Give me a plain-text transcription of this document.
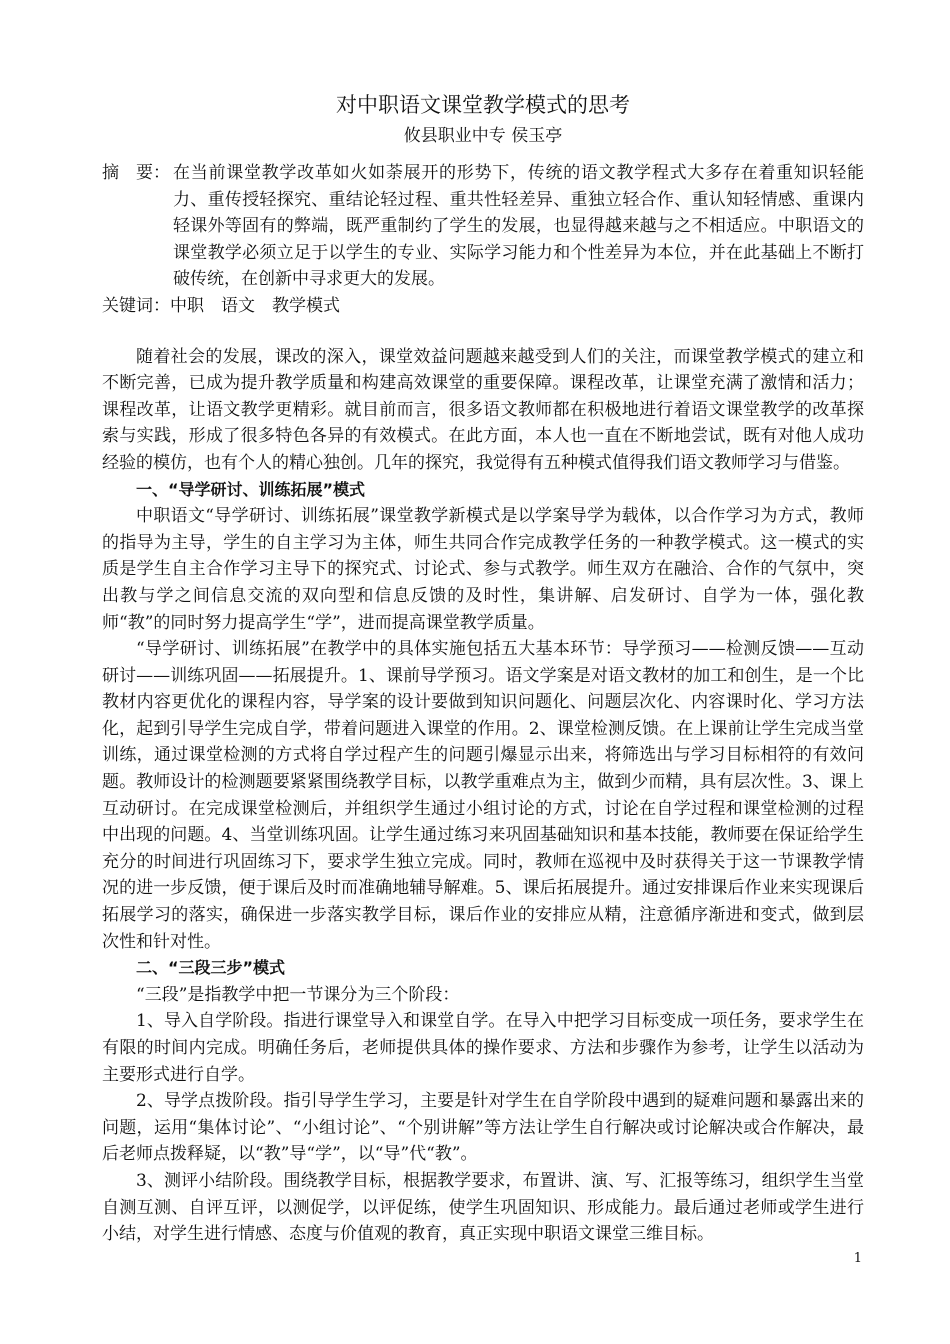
对中职语文课堂教学模式的思考
攸县职业中专 侯玉亭
摘　要： 在当前课堂教学改革如火如荼展开的形势下，传统的语文教学程式大多存在着重知识轻能力、重传授轻探究、重结论轻过程、重共性轻差异、重独立轻合作、重认知轻情感、重课内轻课外等固有的弊端，既严重制约了学生的发展，也显得越来越与之不相适应。中职语文的课堂教学必须立足于以学生的专业、实际学习能力和个性差异为本位，并在此基础上不断打破传统，在创新中寻求更大的发展。
关键词：中职　语文　教学模式

随着社会的发展，课改的深入，课堂效益问题越来越受到人们的关注，而课堂教学模式的建立和不断完善，已成为提升教学质量和构建高效课堂的重要保障。课程改革，让课堂充满了激情和活力；课程改革，让语文教学更精彩。就目前而言，很多语文教师都在积极地进行着语文课堂教学的改革探索与实践，形成了很多特色各异的有效模式。在此方面，本人也一直在不断地尝试，既有对他人成功经验的模仿，也有个人的精心独创。几年的探究，我觉得有五种模式值得我们语文教师学习与借鉴。

一、“导学研讨、训练拓展”模式

中职语文“导学研讨、训练拓展”课堂教学新模式是以学案导学为载体，以合作学习为方式，教师的指导为主导，学生的自主学习为主体，师生共同合作完成教学任务的一种教学模式。这一模式的实质是学生自主合作学习主导下的探究式、讨论式、参与式教学。师生双方在融洽、合作的气氛中，突出教与学之间信息交流的双向型和信息反馈的及时性，集讲解、启发研讨、自学为一体，强化教师“教”的同时努力提高学生“学”，进而提高课堂教学质量。

“导学研讨、训练拓展”在教学中的具体实施包括五大基本环节：导学预习——检测反馈——互动研讨——训练巩固——拓展提升。1、课前导学预习。语文学案是对语文教材的加工和创生，是一个比教材内容更优化的课程内容，导学案的设计要做到知识问题化、问题层次化、内容课时化、学习方法化，起到引导学生完成自学，带着问题进入课堂的作用。2、课堂检测反馈。在上课前让学生完成当堂训练，通过课堂检测的方式将自学过程产生的问题引爆显示出来，将筛选出与学习目标相符的有效问题。教师设计的检测题要紧紧围绕教学目标，以教学重难点为主，做到少而精，具有层次性。3、课上互动研讨。在完成课堂检测后，并组织学生通过小组讨论的方式，讨论在自学过程和课堂检测的过程中出现的问题。4、当堂训练巩固。让学生通过练习来巩固基础知识和基本技能，教师要在保证给学生充分的时间进行巩固练习下，要求学生独立完成。同时，教师在巡视中及时获得关于这一节课教学情况的进一步反馈，便于课后及时而准确地辅导解难。5、课后拓展提升。通过安排课后作业来实现课后拓展学习的落实，确保进一步落实教学目标，课后作业的安排应从精，注意循序渐进和变式，做到层次性和针对性。

二、“三段三步”模式

“三段”是指教学中把一节课分为三个阶段：

1、导入自学阶段。指进行课堂导入和课堂自学。在导入中把学习目标变成一项任务，要求学生在有限的时间内完成。明确任务后，老师提供具体的操作要求、方法和步骤作为参考，让学生以活动为主要形式进行自学。

2、导学点拨阶段。指引导学生学习，主要是针对学生在自学阶段中遇到的疑难问题和暴露出来的问题，运用“集体讨论”、“小组讨论”、“个别讲解”等方法让学生自行解决或讨论解决或合作解决，最后老师点拨释疑，以“教”导“学”，以“导”代“教”。

3、测评小结阶段。围绕教学目标，根据教学要求，布置讲、演、写、汇报等练习，组织学生当堂自测互测、自评互评，以测促学，以评促练，使学生巩固知识、形成能力。最后通过老师或学生进行小结，对学生进行情感、态度与价值观的教育，真正实现中职语文课堂三维目标。

1
